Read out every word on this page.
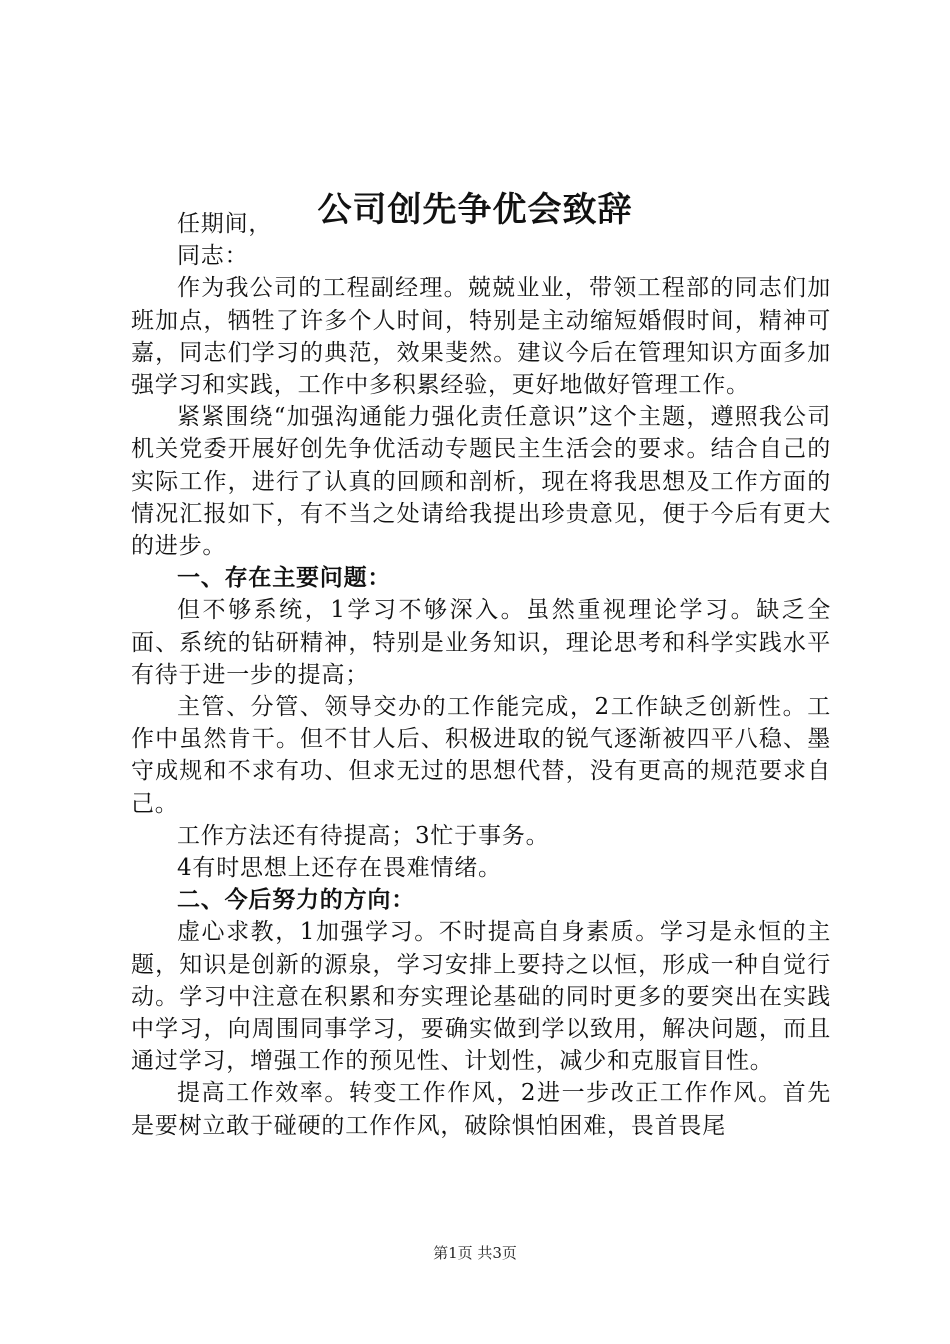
公司创先争优会致辞

任期间，

同志：

作为我公司的工程副经理。兢兢业业，带领工程部的同志们加班加点，牺牲了许多个人时间，特别是主动缩短婚假时间，精神可嘉，同志们学习的典范，效果斐然。建议今后在管理知识方面多加强学习和实践，工作中多积累经验，更好地做好管理工作。

紧紧围绕“加强沟通能力强化责任意识”这个主题，遵照我公司机关党委开展好创先争优活动专题民主生活会的要求。结合自己的实际工作，进行了认真的回顾和剖析，现在将我思想及工作方面的情况汇报如下，有不当之处请给我提出珍贵意见，便于今后有更大的进步。

一、存在主要问题：

但不够系统，1学习不够深入。虽然重视理论学习。缺乏全面、系统的钻研精神，特别是业务知识，理论思考和科学实践水平有待于进一步的提高；

主管、分管、领导交办的工作能完成，2工作缺乏创新性。工作中虽然肯干。但不甘人后、积极进取的锐气逐渐被四平八稳、墨守成规和不求有功、但求无过的思想代替，没有更高的规范要求自己。

工作方法还有待提高；3忙于事务。

4有时思想上还存在畏难情绪。

二、今后努力的方向：

虚心求教，1加强学习。不时提高自身素质。学习是永恒的主题，知识是创新的源泉，学习安排上要持之以恒，形成一种自觉行动。学习中注意在积累和夯实理论基础的同时更多的要突出在实践中学习，向周围同事学习，要确实做到学以致用，解决问题，而且通过学习，增强工作的预见性、计划性，减少和克服盲目性。

提高工作效率。转变工作作风，2进一步改正工作作风。首先是要树立敢于碰硬的工作作风，破除惧怕困难，畏首畏尾

第1页 共3页
